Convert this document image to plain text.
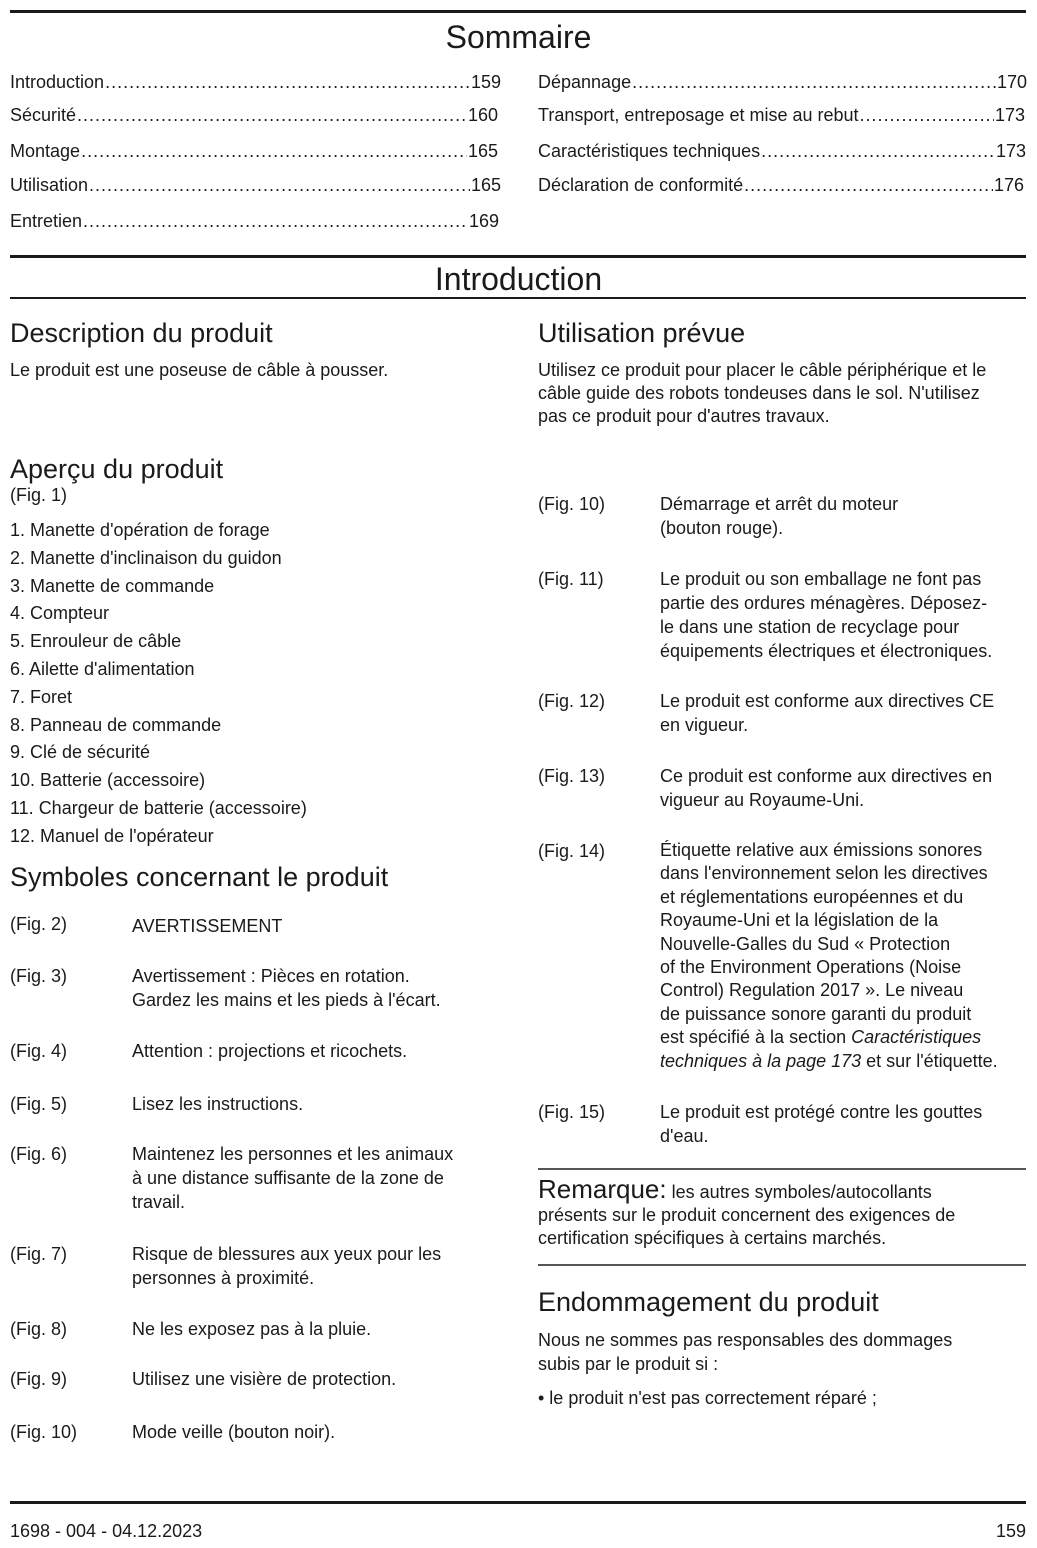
Sommaire
Introduction .....	159
Sécurité .....	160
Montage .....	165
Utilisation .....	165
Entretien .....	169
Dépannage .....	170
Transport, entreposage et mise au rebut .....	173
Caractéristiques techniques .....	173
Déclaration de conformité .....	176
Introduction
Description du produit

Le produit est une poseuse de câble à pousser.

Aperçu du produit

(Fig. 1)

1. Manette d'opération de forage
2. Manette d'inclinaison du guidon
3. Manette de commande
4. Compteur
5. Enrouleur de câble
6. Ailette d'alimentation
7. Foret
8. Panneau de commande
9. Clé de sécurité
10. Batterie (accessoire)
11. Chargeur de batterie (accessoire)
12. Manuel de l'opérateur
Symboles concernant le produit
(Fig. 2)	AVERTISSEMENT
(Fig. 3)	Avertissement : Pièces en rotation.
Gardez les mains et les pieds à l'écart.
(Fig. 4)	Attention : projections et ricochets.
(Fig. 5)	Lisez les instructions.
(Fig. 6)	Maintenez les personnes et les animaux
à une distance suffisante de la zone de
travail.
(Fig. 7)	Risque de blessures aux yeux pour les
personnes à proximité.
(Fig. 8)	Ne les exposez pas à la pluie.
(Fig. 9)	Utilisez une visière de protection.
(Fig. 10)	Mode veille (bouton noir).
Utilisation prévue

Utilisez ce produit pour placer le câble périphérique et le
câble guide des robots tondeuses dans le sol. N'utilisez
pas ce produit pour d'autres travaux.

(Fig. 10)	Démarrage et arrêt du moteur
(bouton rouge).
(Fig. 11)	Le produit ou son emballage ne font pas
partie des ordures ménagères. Déposez-
le dans une station de recyclage pour
équipements électriques et électroniques.
(Fig. 12)	Le produit est conforme aux directives CE
en vigueur.
(Fig. 13)	Ce produit est conforme aux directives en
vigueur au Royaume-Uni.
(Fig. 14)	Étiquette relative aux émissions sonores
dans l'environnement selon les directives
et réglementations européennes et du
Royaume-Uni et la législation de la
Nouvelle-Galles du Sud « Protection
of the Environment Operations (Noise
Control) Regulation 2017 ». Le niveau
de puissance sonore garanti du produit
est spécifié à la section Caractéristiques
techniques à la page 173 et sur l'étiquette.
(Fig. 15)	Le produit est protégé contre les gouttes
d'eau.
Remarque: les autres symboles/autocollants
présents sur le produit concernent des exigences de
certification spécifiques à certains marchés.
Endommagement du produit

Nous ne sommes pas responsables des dommages
subis par le produit si :

• le produit n'est pas correctement réparé ;

1698 - 004 - 04.12.2023	159
